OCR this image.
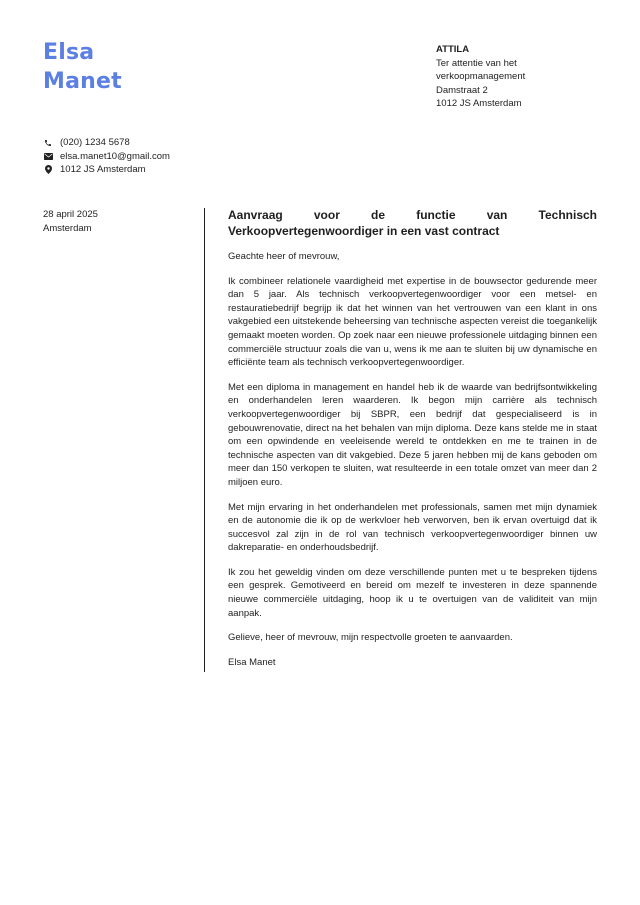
Elsa
Manet
ATTILA
Ter attentie van het
verkoopmanagement
Damstraat 2
1012 JS Amsterdam
(020) 1234 5678
elsa.manet10@gmail.com
1012 JS Amsterdam
28 april 2025
Amsterdam
Aanvraag voor de functie van Technisch Verkoopvertegenwoordiger in een vast contract

Geachte heer of mevrouw,

Ik combineer relationele vaardigheid met expertise in de bouwsector gedurende meer dan 5 jaar. Als technisch verkoopvertegenwoordiger voor een metsel- en restauratiebedrijf begrijp ik dat het winnen van het vertrouwen van een klant in ons vakgebied een uitstekende beheersing van technische aspecten vereist die toegankelijk gemaakt moeten worden. Op zoek naar een nieuwe professionele uitdaging binnen een commerciële structuur zoals die van u, wens ik me aan te sluiten bij uw dynamische en efficiënte team als technisch verkoopvertegenwoordiger.

Met een diploma in management en handel heb ik de waarde van bedrijfsontwikkeling en onderhandelen leren waarderen. Ik begon mijn carrière als technisch verkoopvertegenwoordiger bij SBPR, een bedrijf dat gespecialiseerd is in gebouwrenovatie, direct na het behalen van mijn diploma. Deze kans stelde me in staat om een opwindende en veeleisende wereld te ontdekken en me te trainen in de technische aspecten van dit vakgebied. Deze 5 jaren hebben mij de kans geboden om meer dan 150 verkopen te sluiten, wat resulteerde in een totale omzet van meer dan 2 miljoen euro.

Met mijn ervaring in het onderhandelen met professionals, samen met mijn dynamiek en de autonomie die ik op de werkvloer heb verworven, ben ik ervan overtuigd dat ik succesvol zal zijn in de rol van technisch verkoopvertegenwoordiger binnen uw dakreparatie- en onderhoudsbedrijf.

Ik zou het geweldig vinden om deze verschillende punten met u te bespreken tijdens een gesprek. Gemotiveerd en bereid om mezelf te investeren in deze spannende nieuwe commerciële uitdaging, hoop ik u te overtuigen van de validiteit van mijn aanpak.

Gelieve, heer of mevrouw, mijn respectvolle groeten te aanvaarden.

Elsa Manet
